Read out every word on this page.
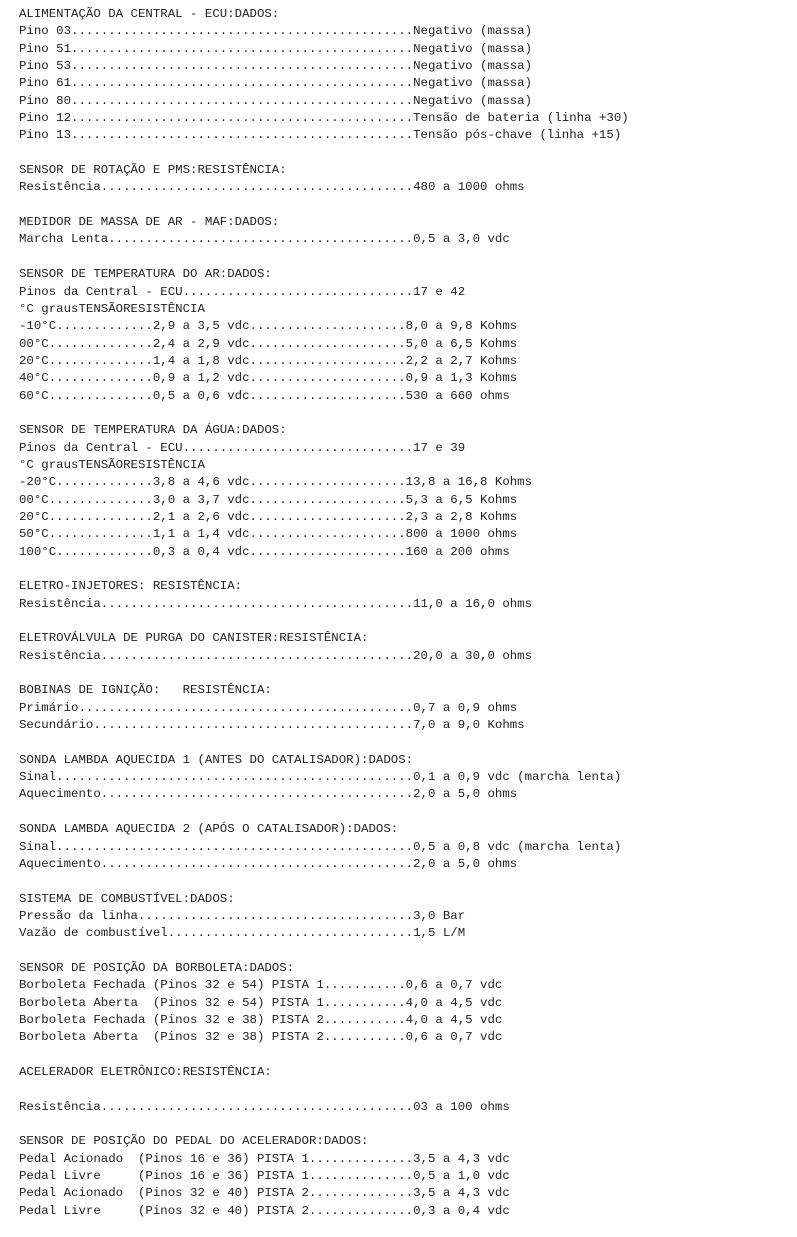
ALIMENTAÇÃO DA CENTRAL - ECU:DADOS:
Pino 03..............................................Negativo (massa)
Pino 51..............................................Negativo (massa)
Pino 53..............................................Negativo (massa)
Pino 61..............................................Negativo (massa)
Pino 80..............................................Negativo (massa)
Pino 12..............................................Tensão de bateria (linha +30)
Pino 13..............................................Tensão pós-chave (linha +15)
SENSOR DE ROTAÇÃO E PMS:RESISTÊNCIA:
Resistência..........................................480 a 1000 ohms
MEDIDOR DE MASSA DE AR - MAF:DADOS:
Marcha Lenta.........................................0,5 a 3,0 vdc
SENSOR DE TEMPERATURA DO AR:DADOS:
Pinos da Central - ECU...............................17 e 42
°C grausTENSÃORESISTÊNCIA
-10°C.............2,9 a 3,5 vdc.....................8,0 a 9,8 Kohms
00°C..............2,4 a 2,9 vdc.....................5,0 a 6,5 Kohms
20°C..............1,4 a 1,8 vdc.....................2,2 a 2,7 Kohms
40°C..............0,9 a 1,2 vdc.....................0,9 a 1,3 Kohms
60°C..............0,5 a 0,6 vdc.....................530 a 660 ohms
SENSOR DE TEMPERATURA DA ÁGUA:DADOS:
Pinos da Central - ECU...............................17 e 39
°C grausTENSÃORESISTÊNCIA
-20°C.............3,8 a 4,6 vdc.....................13,8 a 16,8 Kohms
00°C..............3,0 a 3,7 vdc.....................5,3 a 6,5 Kohms
20°C..............2,1 a 2,6 vdc.....................2,3 a 2,8 Kohms
50°C..............1,1 a 1,4 vdc.....................800 a 1000 ohms
100°C.............0,3 a 0,4 vdc.....................160 a 200 ohms
ELETRO-INJETORES: RESISTÊNCIA:
Resistência..........................................11,0 a 16,0 ohms
ELETROVÁLVULA DE PURGA DO CANISTER:RESISTÊNCIA:
Resistência..........................................20,0 a 30,0 ohms
BOBINAS DE IGNIÇÃO:   RESISTÊNCIA:
Primário.............................................0,7 a 0,9 ohms
Secundário...........................................7,0 a 9,0 Kohms
SONDA LAMBDA AQUECIDA 1 (ANTES DO CATALISADOR):DADOS:
Sinal................................................0,1 a 0,9 vdc (marcha lenta)
Aquecimento..........................................2,0 a 5,0 ohms
SONDA LAMBDA AQUECIDA 2 (APÓS O CATALISADOR):DADOS:
Sinal................................................0,5 a 0,8 vdc (marcha lenta)
Aquecimento..........................................2,0 a 5,0 ohms
SISTEMA DE COMBUSTÍVEL:DADOS:
Pressão da linha.....................................3,0 Bar
Vazão de combustível.................................1,5 L/M
SENSOR DE POSIÇÃO DA BORBOLETA:DADOS:
Borboleta Fechada (Pinos 32 e 54) PISTA 1...........0,6 a 0,7 vdc
Borboleta Aberta  (Pinos 32 e 54) PISTA 1...........4,0 a 4,5 vdc
Borboleta Fechada (Pinos 32 e 38) PISTA 2...........4,0 a 4,5 vdc
Borboleta Aberta  (Pinos 32 e 38) PISTA 2...........0,6 a 0,7 vdc
ACELERADOR ELETRÔNICO:RESISTÊNCIA:
Resistência..........................................03 a 100 ohms
SENSOR DE POSIÇÃO DO PEDAL DO ACELERADOR:DADOS:
Pedal Acionado  (Pinos 16 e 36) PISTA 1..............3,5 a 4,3 vdc
Pedal Livre     (Pinos 16 e 36) PISTA 1..............0,5 a 1,0 vdc
Pedal Acionado  (Pinos 32 e 40) PISTA 2..............3,5 a 4,3 vdc
Pedal Livre     (Pinos 32 e 40) PISTA 2..............0,3 a 0,4 vdc
